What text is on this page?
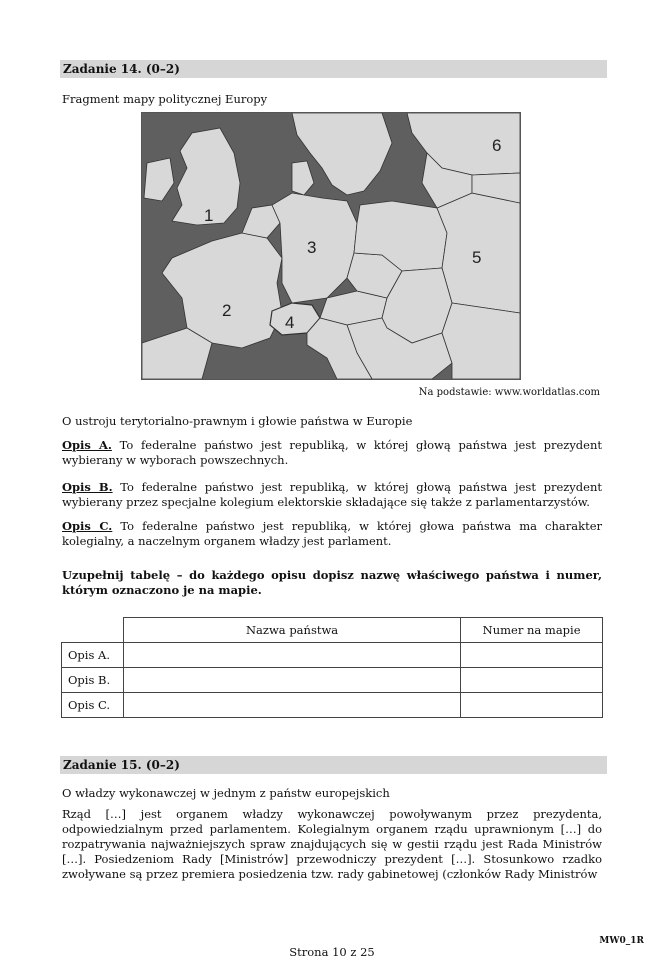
Zadanie 14. (0–2)
Fragment mapy politycznej Europy
1
2
3
4
5
6
Na podstawie: www.worldatlas.com
O ustroju terytorialno-prawnym i głowie państwa w Europie
Opis A. To federalne państwo jest republiką, w której głową państwa jest prezydent wybierany w wyborach powszechnych.
Opis B. To federalne państwo jest republiką, w której głową państwa jest prezydent wybierany przez specjalne kolegium elektorskie składające się także z parlamentarzystów.
Opis C. To federalne państwo jest republiką, w której głowa państwa ma charakter kolegialny, a naczelnym organem władzy jest parlament.
Uzupełnij tabelę – do każdego opisu dopisz nazwę właściwego państwa i numer, którym oznaczono je na mapie.
	Nazwa państwa	Numer na mapie
Opis A.		
Opis B.		
Opis C.		
Zadanie 15. (0–2)
O władzy wykonawczej w jednym z państw europejskich
Rząd […] jest organem władzy wykonawczej powoływanym przez prezydenta, odpowiedzialnym przed parlamentem. Kolegialnym organem rządu uprawnionym […] do rozpatrywania najważniejszych spraw znajdujących się w gestii rządu jest Rada Ministrów […]. Posiedzeniom Rady [Ministrów] przewodniczy prezydent […]. Stosunkowo rzadko zwoływane są przez premiera posiedzenia tzw. rady gabinetowej (członków Rady Ministrów
Strona 10 z 25
MW0_1R
